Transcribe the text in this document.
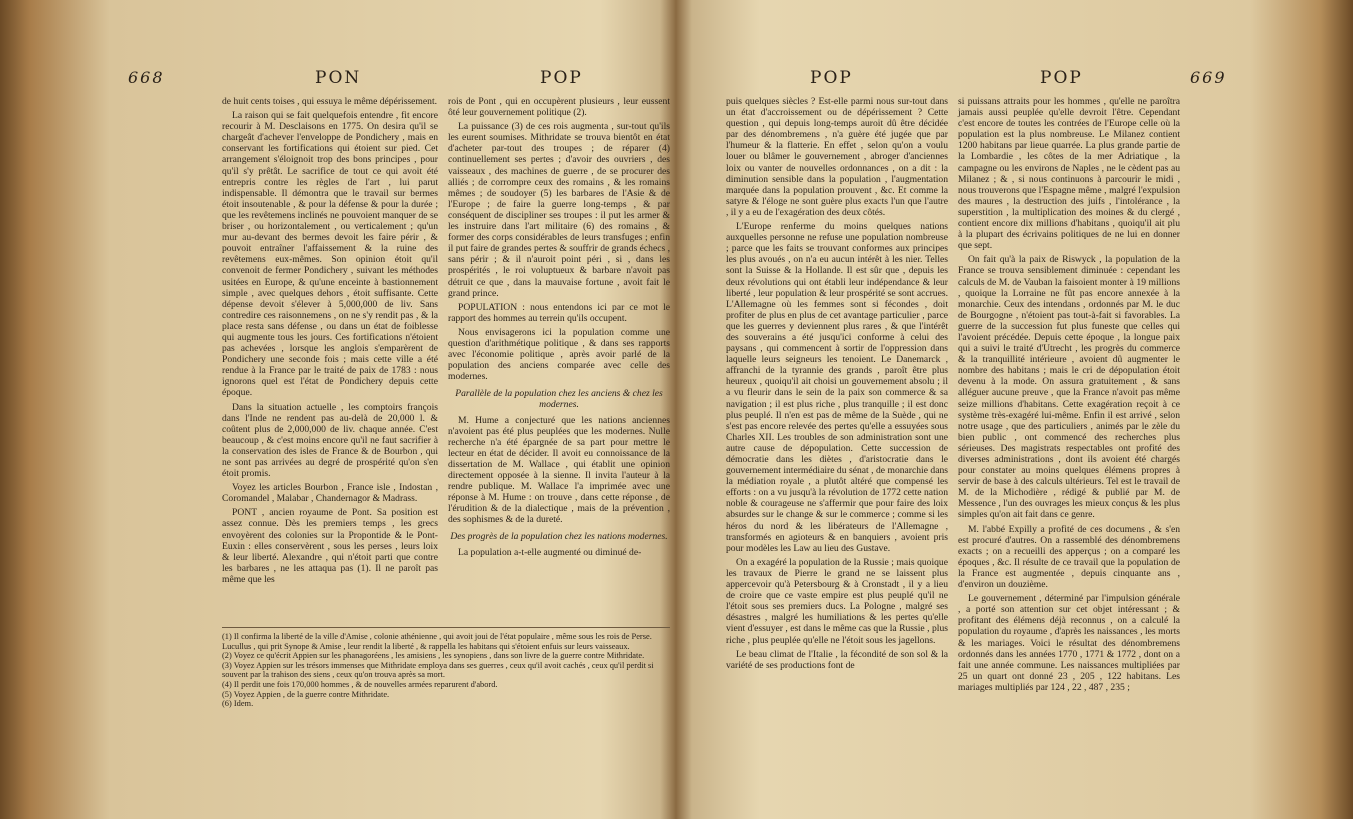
668	PON	POP

de huit cents toises , qui essuya le même dépérissement.

La raison qui se fait quelquefois entendre , fit encore recourir à M. Desclaisons en 1775. On desira qu'il se chargeât d'achever l'enveloppe de Pondichery , mais en conservant les fortifications qui étoient sur pied. Cet arrangement s'éloignoit trop des bons principes , pour qu'il s'y prêtât. Le sacrifice de tout ce qui avoit été entrepris contre les règles de l'art , lui parut indispensable. Il démontra que le travail sur bermes étoit insoutenable , & pour la défense & pour la durée ; que les revêtemens inclinés ne pouvoient manquer de se briser , ou horizontalement , ou verticalement ; qu'un mur au-devant des bermes devoit les faire périr , & pouvoit entraîner l'affaissement & la ruine des revêtemens eux-mêmes. Son opinion étoit qu'il convenoit de fermer Pondichery , suivant les méthodes usitées en Europe, & qu'une enceinte à bastionnement simple , avec quelques dehors , étoit suffisante. Cette dépense devoit s'élever à 5,000,000 de liv. Sans contredire ces raisonnemens , on ne s'y rendit pas , & la place resta sans défense , ou dans un état de foiblesse qui augmente tous les jours. Ces fortifications n'étoient pas achevées , lorsque les anglois s'emparèrent de Pondichery une seconde fois ; mais cette ville a été rendue à la France par le traité de paix de 1783 : nous ignorons quel est l'état de Pondichery depuis cette époque.

Dans la situation actuelle , les comptoirs françois dans l'Inde ne rendent pas au-delà de 20,000 l. & coûtent plus de 2,000,000 de liv. chaque année. C'est beaucoup , & c'est moins encore qu'il ne faut sacrifier à la conservation des isles de France & de Bourbon , qui ne sont pas arrivées au degré de prospérité qu'on s'en étoit promis.

Voyez les articles Bourbon , France isle , Indostan , Coromandel , Malabar , Chandernagor & Madrass.

PONT , ancien royaume de Pont. Sa position est assez connue. Dès les premiers temps , les grecs envoyèrent des colonies sur la Propontide & le Pont-Euxin : elles conservèrent , sous les perses , leurs loix & leur liberté. Alexandre , qui n'étoit parti que contre les barbares , ne les attaqua pas (1). Il ne paroît pas même que les

rois de Pont , qui en occupèrent plusieurs , leur eussent ôté leur gouvernement politique (2).

La puissance (3) de ces rois augmenta , sur-tout qu'ils les eurent soumises. Mithridate se trouva bientôt en état d'acheter par-tout des troupes ; de réparer (4) continuellement ses pertes ; d'avoir des ouvriers , des vaisseaux , des machines de guerre , de se procurer des alliés ; de corrompre ceux des romains , & les romains mêmes ; de soudoyer (5) les barbares de l'Asie & de l'Europe ; de faire la guerre long-temps , & par conséquent de discipliner ses troupes : il put les armer & les instruire dans l'art militaire (6) des romains , & former des corps considérables de leurs transfuges ; enfin il put faire de grandes pertes & souffrir de grands échecs , sans périr ; & il n'auroit point péri , si , dans les prospérités , le roi voluptueux & barbare n'avoit pas détruit ce que , dans la mauvaise fortune , avoit fait le grand prince.

POPULATION : nous entendons ici par ce mot le rapport des hommes au terrein qu'ils occupent.

Nous envisagerons ici la population comme une question d'arithmétique politique , & dans ses rapports avec l'économie politique , après avoir parlé de la population des anciens comparée avec celle des modernes.

Parallèle de la population chez les anciens & chez les modernes.

M. Hume a conjecturé que les nations anciennes n'avoient pas été plus peuplées que les modernes. Nulle recherche n'a été épargnée de sa part pour mettre le lecteur en état de décider. Il avoit eu connoissance de la dissertation de M. Wallace , qui établit une opinion directement opposée à la sienne. Il invita l'auteur à la rendre publique. M. Wallace l'a imprimée avec une réponse à M. Hume : on trouve , dans cette réponse , de l'érudition & de la dialectique , mais de la prévention , des sophismes & de la dureté.

Des progrès de la population chez les nations modernes.

La population a-t-elle augmenté ou diminué de-

(1) Il confirma la liberté de la ville d'Amise , colonie athénienne , qui avoit joui de l'état populaire , même sous les rois de Perse. Lucullus , qui prit Synope & Amise , leur rendit la liberté , & rappella les habitans qui s'étoient enfuis sur leurs vaisseaux.
(2) Voyez ce qu'écrit Appien sur les phanagoréens , les amisiens , les synopiens , dans son livre de la guerre contre Mithridate.
(3) Voyez Appien sur les trésors immenses que Mithridate employa dans ses guerres , ceux qu'il avoit cachés , ceux qu'il perdit si souvent par la trahison des siens , ceux qu'on trouva après sa mort.
(4) Il perdit une fois 170,000 hommes , & de nouvelles armées reparurent d'abord.
(5) Voyez Appien , de la guerre contre Mithridate.
(6) Idem.
POP	POP	669

puis quelques siècles ? Est-elle parmi nous sur-tout dans un état d'accroissement ou de dépérissement ? Cette question , qui depuis long-temps auroit dû être décidée par des dénombremens , n'a guère été jugée que par l'humeur & la flatterie. En effet , selon qu'on a voulu louer ou blâmer le gouvernement , abroger d'anciennes loix ou vanter de nouvelles ordonnances , on a dit : la diminution sensible dans la population , l'augmentation marquée dans la population prouvent , &c. Et comme la satyre & l'éloge ne sont guère plus exacts l'un que l'autre , il y a eu de l'exagération des deux côtés.

L'Europe renferme du moins quelques nations auxquelles personne ne refuse une population nombreuse ; parce que les faits se trouvant conformes aux principes les plus avoués , on n'a eu aucun intérêt à les nier. Telles sont la Suisse & la Hollande. Il est sûr que , depuis les deux révolutions qui ont établi leur indépendance & leur liberté , leur population & leur prospérité se sont accrues. L'Allemagne où les femmes sont si fécondes , doit profiter de plus en plus de cet avantage particulier , parce que les guerres y deviennent plus rares , & que l'intérêt des souverains a été jusqu'ici conforme à celui des paysans , qui commencent à sortir de l'oppression dans laquelle leurs seigneurs les tenoient. Le Danemarck , affranchi de la tyrannie des grands , paroît être plus heureux , quoiqu'il ait choisi un gouvernement absolu ; il a vu fleurir dans le sein de la paix son commerce & sa navigation ; il est plus riche , plus tranquille ; il est donc plus peuplé. Il n'en est pas de même de la Suède , qui ne s'est pas encore relevée des pertes qu'elle a essuyées sous Charles XII. Les troubles de son administration sont une autre cause de dépopulation. Cette succession de démocratie dans les diètes , d'aristocratie dans le gouvernement intermédiaire du sénat , de monarchie dans la médiation royale , a plutôt altéré que compensé les efforts : on a vu jusqu'à la révolution de 1772 cette nation noble & courageuse ne s'affermir que pour faire des loix absurdes sur le change & sur le commerce ; comme si les héros du nord & les libérateurs de l'Allemagne , transformés en agioteurs & en banquiers , avoient pris pour modèles les Law au lieu des Gustave.

On a exagéré la population de la Russie ; mais quoique les travaux de Pierre le grand ne se laissent plus appercevoir qu'à Petersbourg & à Cronstadt , il y a lieu de croire que ce vaste empire est plus peuplé qu'il ne l'étoit sous ses premiers ducs. La Pologne , malgré ses désastres , malgré les humiliations & les pertes qu'elle vient d'essuyer , est dans le même cas que la Russie , plus riche , plus peuplée qu'elle ne l'étoit sous les jagellons.

Le beau climat de l'Italie , la fécondité de son sol & la variété de ses productions font de

si puissans attraits pour les hommes , qu'elle ne paroîtra jamais aussi peuplée qu'elle devroit l'être. Cependant c'est encore de toutes les contrées de l'Europe celle où la population est la plus nombreuse. Le Milanez contient 1200 habitans par lieue quarrée. La plus grande partie de la Lombardie , les côtes de la mer Adriatique , la campagne ou les environs de Naples , ne le cèdent pas au Milanez ; & , si nous continuons à parcourir le midi , nous trouverons que l'Espagne même , malgré l'expulsion des maures , la destruction des juifs , l'intolérance , la superstition , la multiplication des moines & du clergé , contient encore dix millions d'habitans , quoiqu'il ait plu à la plupart des écrivains politiques de ne lui en donner que sept.

On fait qu'à la paix de Riswyck , la population de la France se trouva sensiblement diminuée : cependant les calculs de M. de Vauban la faisoient monter à 19 millions , quoique la Lorraine ne fût pas encore annexée à la monarchie. Ceux des intendans , ordonnés par M. le duc de Bourgogne , n'étoient pas tout-à-fait si favorables. La guerre de la succession fut plus funeste que celles qui l'avoient précédée. Depuis cette époque , la longue paix qui a suivi le traité d'Utrecht , les progrès du commerce & la tranquillité intérieure , avoient dû augmenter le nombre des habitans ; mais le cri de dépopulation étoit devenu à la mode. On assura gratuitement , & sans alléguer aucune preuve , que la France n'avoit pas même seize millions d'habitans. Cette exagération reçoit à ce système très-exagéré lui-même. Enfin il est arrivé , selon notre usage , que des particuliers , animés par le zèle du bien public , ont commencé des recherches plus sérieuses. Des magistrats respectables ont profité des diverses administrations , dont ils avoient été chargés pour constater au moins quelques élémens propres à servir de base à des calculs ultérieurs. Tel est le travail de M. de la Michodière , rédigé & publié par M. de Messence , l'un des ouvrages les mieux conçus & les plus simples qu'on ait fait dans ce genre.

M. l'abbé Expilly a profité de ces documens , & s'en est procuré d'autres. On a rassemblé des dénombremens exacts ; on a recueilli des apperçus ; on a comparé les époques , &c. Il résulte de ce travail que la population de la France est augmentée , depuis cinquante ans , d'environ un douzième.

Le gouvernement , déterminé par l'impulsion générale , a porté son attention sur cet objet intéressant ; & profitant des élémens déjà reconnus , on a calculé la population du royaume , d'après les naissances , les morts & les mariages. Voici le résultat des dénombremens ordonnés dans les années 1770 , 1771 & 1772 , dont on a fait une année commune. Les naissances multipliées par 25 un quart ont donné 23 , 205 , 122 habitans. Les mariages multipliés par 124 , 22 , 487 , 235 ;
